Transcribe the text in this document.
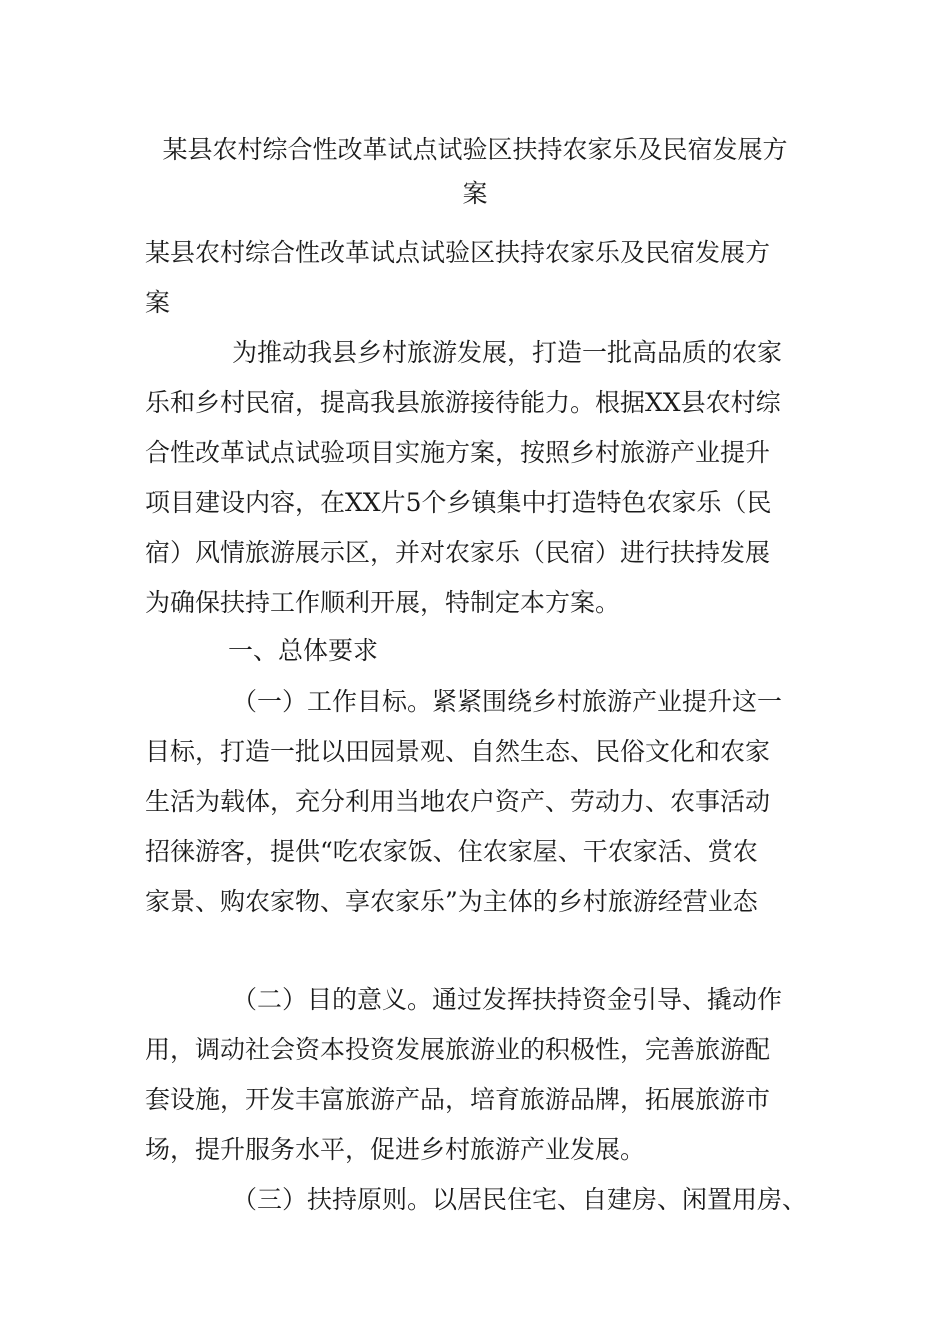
某县农村综合性改革试点试验区扶持农家乐及民宿发展方
案

某县农村综合性改革试点试验区扶持农家乐及民宿发展方

案

为推动我县乡村旅游发展，打造一批高品质的农家

乐和乡村民宿，提高我县旅游接待能力。根据XX县农村综

合性改革试点试验项目实施方案，按照乡村旅游产业提升

项目建设内容，在XX片5个乡镇集中打造特色农家乐（民

宿）风情旅游展示区，并对农家乐（民宿）进行扶持发展

为确保扶持工作顺利开展，特制定本方案。

一、总体要求

（一）工作目标。紧紧围绕乡村旅游产业提升这一

目标，打造一批以田园景观、自然生态、民俗文化和农家

生活为载体，充分利用当地农户资产、劳动力、农事活动

招徕游客，提供“吃农家饭、住农家屋、干农家活、赏农

家景、购农家物、享农家乐”为主体的乡村旅游经营业态

（二）目的意义。通过发挥扶持资金引导、撬动作

用，调动社会资本投资发展旅游业的积极性，完善旅游配

套设施，开发丰富旅游产品，培育旅游品牌，拓展旅游市

场，提升服务水平，促进乡村旅游产业发展。

（三）扶持原则。以居民住宅、自建房、闲置用房、
